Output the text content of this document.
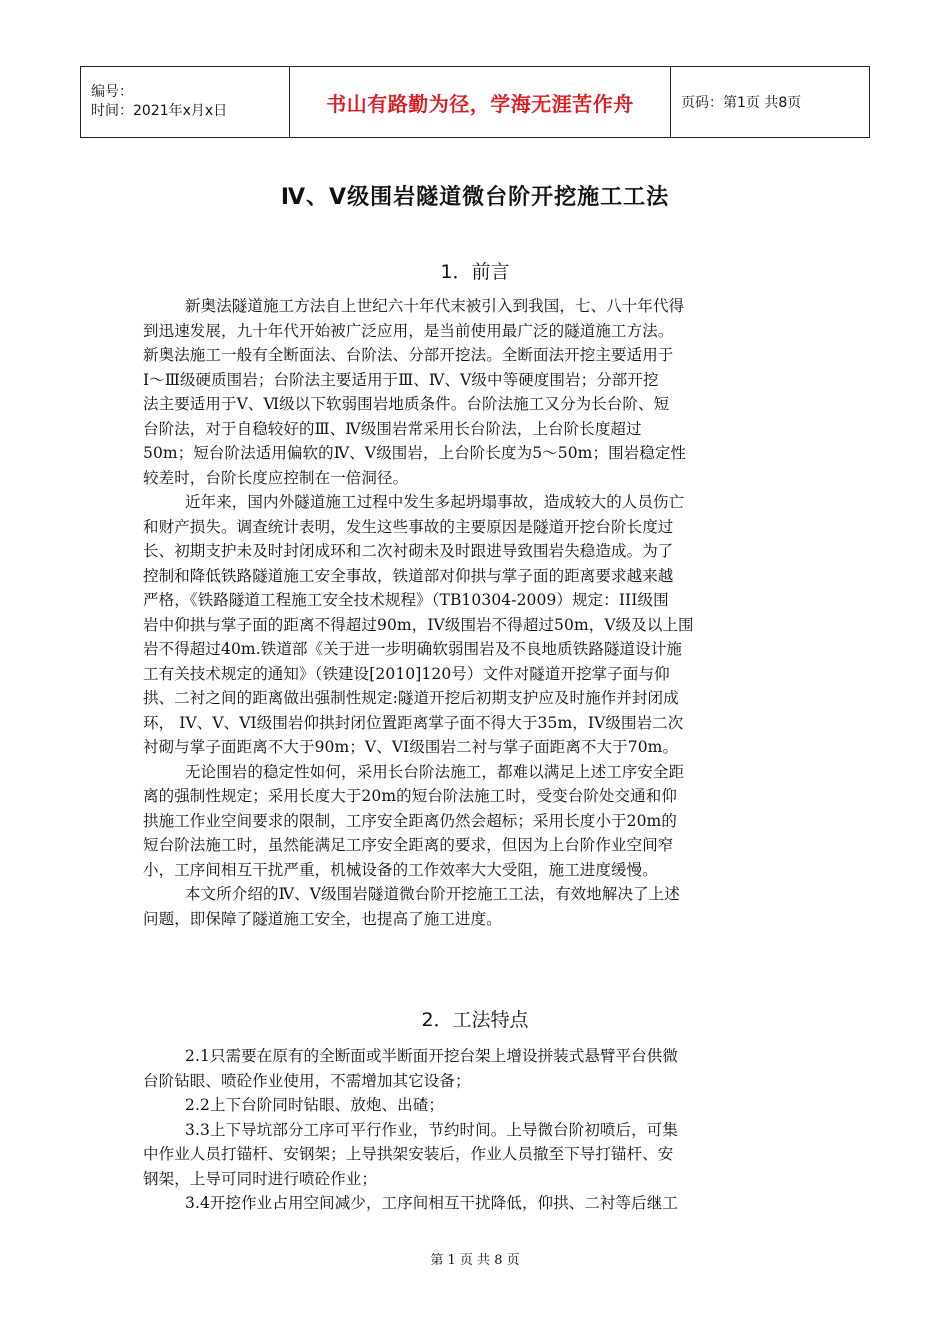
编号：
时间：2021年x月x日	书山有路勤为径，学海无涯苦作舟	页码：第1页 共8页
Ⅳ、Ⅴ级围岩隧道微台阶开挖施工工法
1．前言
新奥法隧道施工方法自上世纪六十年代末被引入到我国，七、八十年代得
到迅速发展，九十年代开始被广泛应用，是当前使用最广泛的隧道施工方法。
新奥法施工一般有全断面法、台阶法、分部开挖法。全断面法开挖主要适用于
Ⅰ～Ⅲ级硬质围岩；台阶法主要适用于Ⅲ、Ⅳ、Ⅴ级中等硬度围岩；分部开挖
法主要适用于Ⅴ、Ⅵ级以下软弱围岩地质条件。台阶法施工又分为长台阶、短
台阶法，对于自稳较好的Ⅲ、Ⅳ级围岩常采用长台阶法，上台阶长度超过
50m；短台阶法适用偏软的Ⅳ、Ⅴ级围岩，上台阶长度为5～50m；围岩稳定性
较差时，台阶长度应控制在一倍洞径。
近年来，国内外隧道施工过程中发生多起坍塌事故，造成较大的人员伤亡
和财产损失。调查统计表明，发生这些事故的主要原因是隧道开挖台阶长度过
长、初期支护未及时封闭成环和二次衬砌未及时跟进导致围岩失稳造成。为了
控制和降低铁路隧道施工安全事故，铁道部对仰拱与掌子面的距离要求越来越
严格，《铁路隧道工程施工安全技术规程》（TB10304-2009）规定：III级围
岩中仰拱与掌子面的距离不得超过90m，IV级围岩不得超过50m，V级及以上围
岩不得超过40m.铁道部《关于进一步明确软弱围岩及不良地质铁路隧道设计施
工有关技术规定的通知》（铁建设[2010]120号）文件对隧道开挖掌子面与仰
拱、二衬之间的距离做出强制性规定:隧道开挖后初期支护应及时施作并封闭成
环， IV、V、VI级围岩仰拱封闭位置距离掌子面不得大于35m，IV级围岩二次
衬砌与掌子面距离不大于90m；V、VI级围岩二衬与掌子面距离不大于70m。
无论围岩的稳定性如何，采用长台阶法施工，都难以满足上述工序安全距
离的强制性规定；采用长度大于20m的短台阶法施工时，受变台阶处交通和仰
拱施工作业空间要求的限制，工序安全距离仍然会超标；采用长度小于20m的
短台阶法施工时，虽然能满足工序安全距离的要求，但因为上台阶作业空间窄
小，工序间相互干扰严重，机械设备的工作效率大大受阻，施工进度缓慢。
本文所介绍的Ⅳ、Ⅴ级围岩隧道微台阶开挖施工工法，有效地解决了上述
问题，即保障了隧道施工安全，也提高了施工进度。
2．工法特点
2.1只需要在原有的全断面或半断面开挖台架上增设拼装式悬臂平台供微
台阶钻眼、喷砼作业使用，不需增加其它设备；
2.2上下台阶同时钻眼、放炮、出碴；
3.3上下导坑部分工序可平行作业，节约时间。上导微台阶初喷后，可集
中作业人员打锚杆、安钢架；上导拱架安装后，作业人员撤至下导打锚杆、安
钢架，上导可同时进行喷砼作业；
3.4开挖作业占用空间减少，工序间相互干扰降低，仰拱、二衬等后继工
第 1 页 共 8 页
